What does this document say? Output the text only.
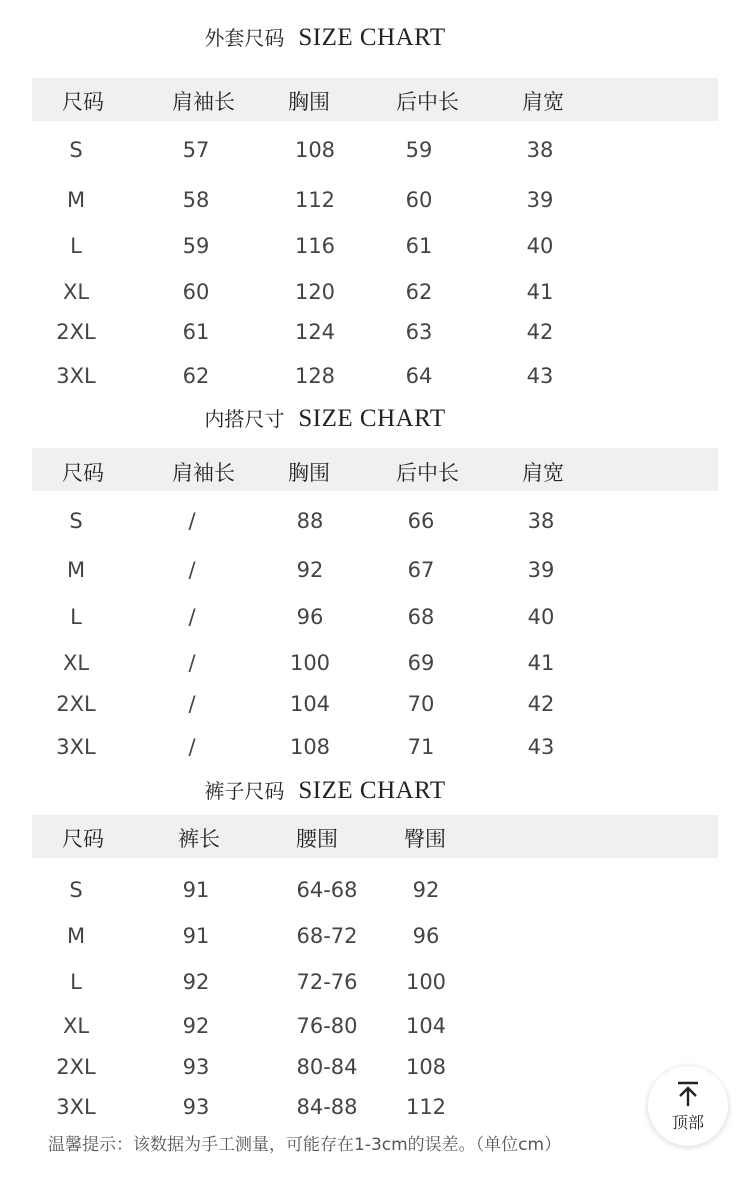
外套尺码 SIZE CHART
尺码	肩袖长	胸围	后中长	肩宽
S	57	108	59	38
M	58	112	60	39
L	59	116	61	40
XL	60	120	62	41
2XL	61	124	63	42
3XL	62	128	64	43
内搭尺寸 SIZE CHART
尺码	肩袖长	胸围	后中长	肩宽
S	/	88	66	38
M	/	92	67	39
L	/	96	68	40
XL	/	100	69	41
2XL	/	104	70	42
3XL	/	108	71	43
裤子尺码 SIZE CHART
尺码	裤长	腰围	臀围
S	91	64-68	92
M	91	68-72	96
L	92	72-76 100
XL	92	76-80 104
2XL	93	80-84 108
3XL	93	84-88 112
温馨提示：该数据为手工测量，可能存在1-3cm的误差。（单位cm）
顶部
